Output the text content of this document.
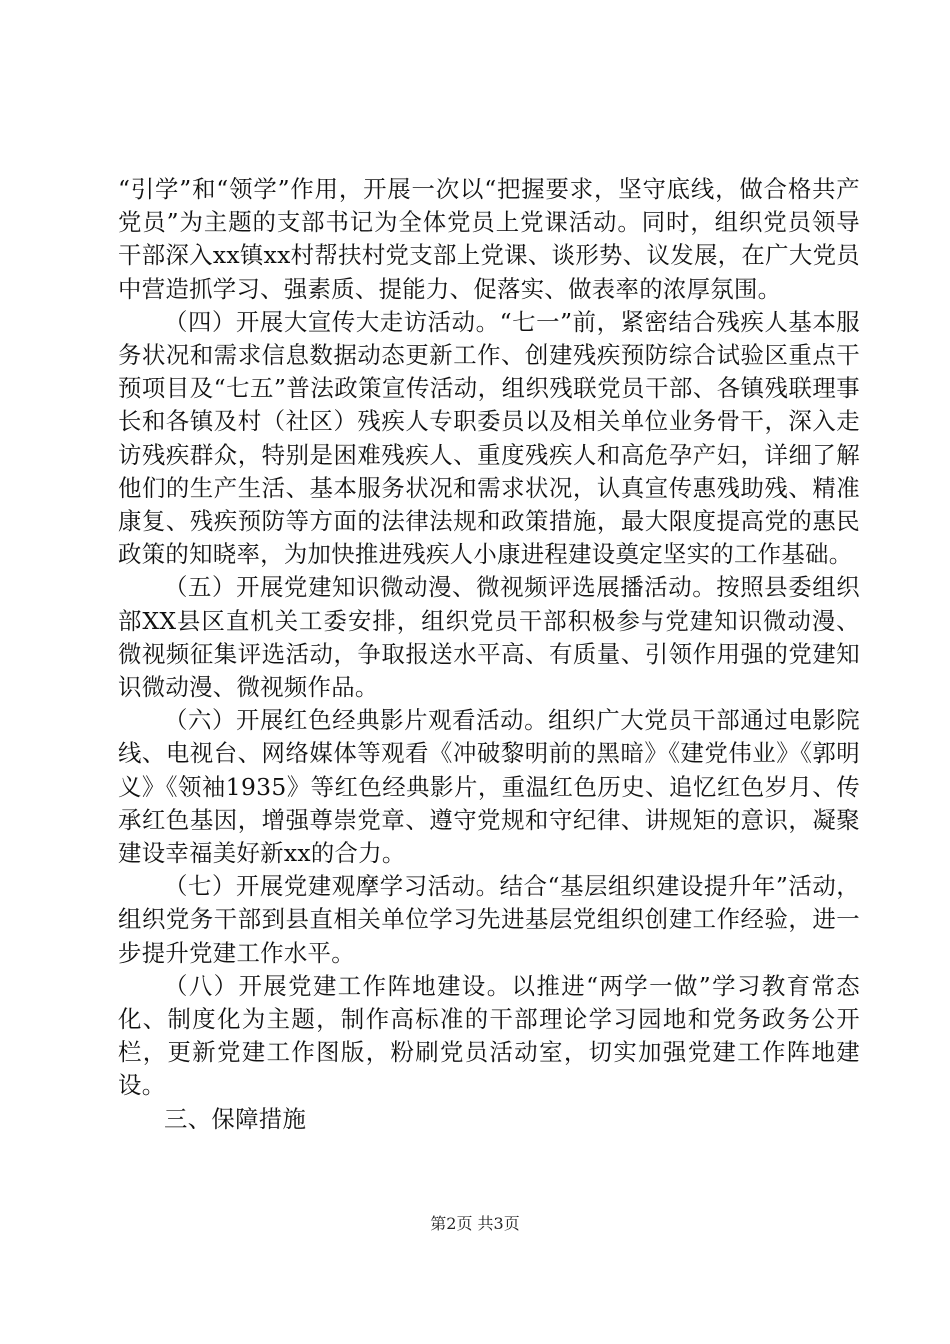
“引学”和“领学”作用，开展一次以“把握要求，坚守底线，做合格共产党员”为主题的支部书记为全体党员上党课活动。同时，组织党员领导干部深入xx镇xx村帮扶村党支部上党课、谈形势、议发展，在广大党员中营造抓学习、强素质、提能力、促落实、做表率的浓厚氛围。

（四）开展大宣传大走访活动。“七一”前，紧密结合残疾人基本服务状况和需求信息数据动态更新工作、创建残疾预防综合试验区重点干预项目及“七五”普法政策宣传活动，组织残联党员干部、各镇残联理事长和各镇及村（社区）残疾人专职委员以及相关单位业务骨干，深入走访残疾群众，特别是困难残疾人、重度残疾人和高危孕产妇，详细了解他们的生产生活、基本服务状况和需求状况，认真宣传惠残助残、精准康复、残疾预防等方面的法律法规和政策措施，最大限度提高党的惠民政策的知晓率，为加快推进残疾人小康进程建设奠定坚实的工作基础。

（五）开展党建知识微动漫、微视频评选展播活动。按照县委组织部XX县区直机关工委安排，组织党员干部积极参与党建知识微动漫、微视频征集评选活动，争取报送水平高、有质量、引领作用强的党建知识微动漫、微视频作品。

（六）开展红色经典影片观看活动。组织广大党员干部通过电影院线、电视台、网络媒体等观看《冲破黎明前的黑暗》《建党伟业》《郭明义》《领袖1935》等红色经典影片，重温红色历史、追忆红色岁月、传承红色基因，增强尊崇党章、遵守党规和守纪律、讲规矩的意识，凝聚建设幸福美好新xx的合力。

（七）开展党建观摩学习活动。结合“基层组织建设提升年”活动，组织党务干部到县直相关单位学习先进基层党组织创建工作经验，进一步提升党建工作水平。

（八）开展党建工作阵地建设。以推进“两学一做”学习教育常态化、制度化为主题，制作高标准的干部理论学习园地和党务政务公开栏，更新党建工作图版，粉刷党员活动室，切实加强党建工作阵地建设。

三、保障措施

第2页 共3页
